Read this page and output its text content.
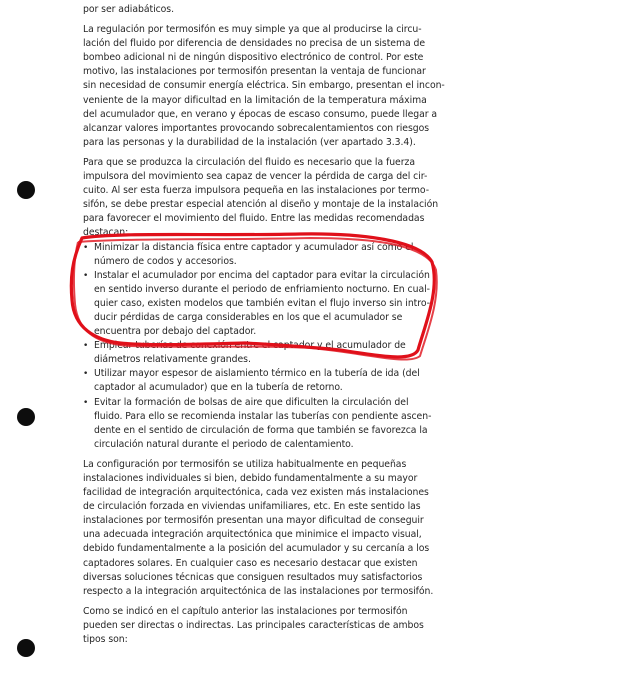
por ser adiabáticos.

La regulación por termosifón es muy simple ya que al producirse la circu-
lación del fluido por diferencia de densidades no precisa de un sistema de
bombeo adicional ni de ningún dispositivo electrónico de control. Por este
motivo, las instalaciones por termosifón presentan la ventaja de funcionar
sin necesidad de consumir energía eléctrica. Sin embargo, presentan el incon-
veniente de la mayor dificultad en la limitación de la temperatura máxima
del acumulador que, en verano y épocas de escaso consumo, puede llegar a
alcanzar valores importantes provocando sobrecalentamientos con riesgos
para las personas y la durabilidad de la instalación (ver apartado 3.3.4).

Para que se produzca la circulación del fluido es necesario que la fuerza
impulsora del movimiento sea capaz de vencer la pérdida de carga del cir-
cuito. Al ser esta fuerza impulsora pequeña en las instalaciones por termo-
sifón, se debe prestar especial atención al diseño y montaje de la instalación
para favorecer el movimiento del fluido. Entre las medidas recomendadas
destacan:

• Minimizar la distancia física entre captador y acumulador así como el
número de codos y accesorios.
• Instalar el acumulador por encima del captador para evitar la circulación
en sentido inverso durante el periodo de enfriamiento nocturno. En cual-
quier caso, existen modelos que también evitan el flujo inverso sin intro-
ducir pérdidas de carga considerables en los que el acumulador se
encuentra por debajo del captador.
• Emplear tuberías de conexión entre el captador y el acumulador de
diámetros relativamente grandes.
• Utilizar mayor espesor de aislamiento térmico en la tubería de ida (del
captador al acumulador) que en la tubería de retorno.
• Evitar la formación de bolsas de aire que dificulten la circulación del
fluido. Para ello se recomienda instalar las tuberías con pendiente ascen-
dente en el sentido de circulación de forma que también se favorezca la
circulación natural durante el periodo de calentamiento.

La configuración por termosifón se utiliza habitualmente en pequeñas
instalaciones individuales si bien, debido fundamentalmente a su mayor
facilidad de integración arquitectónica, cada vez existen más instalaciones
de circulación forzada en viviendas unifamiliares, etc. En este sentido las
instalaciones por termosifón presentan una mayor dificultad de conseguir
una adecuada integración arquitectónica que minimice el impacto visual,
debido fundamentalmente a la posición del acumulador y su cercanía a los
captadores solares. En cualquier caso es necesario destacar que existen
diversas soluciones técnicas que consiguen resultados muy satisfactorios
respecto a la integración arquitectónica de las instalaciones por termosifón.

Como se indicó en el capítulo anterior las instalaciones por termosifón
pueden ser directas o indirectas. Las principales características de ambos
tipos son:
